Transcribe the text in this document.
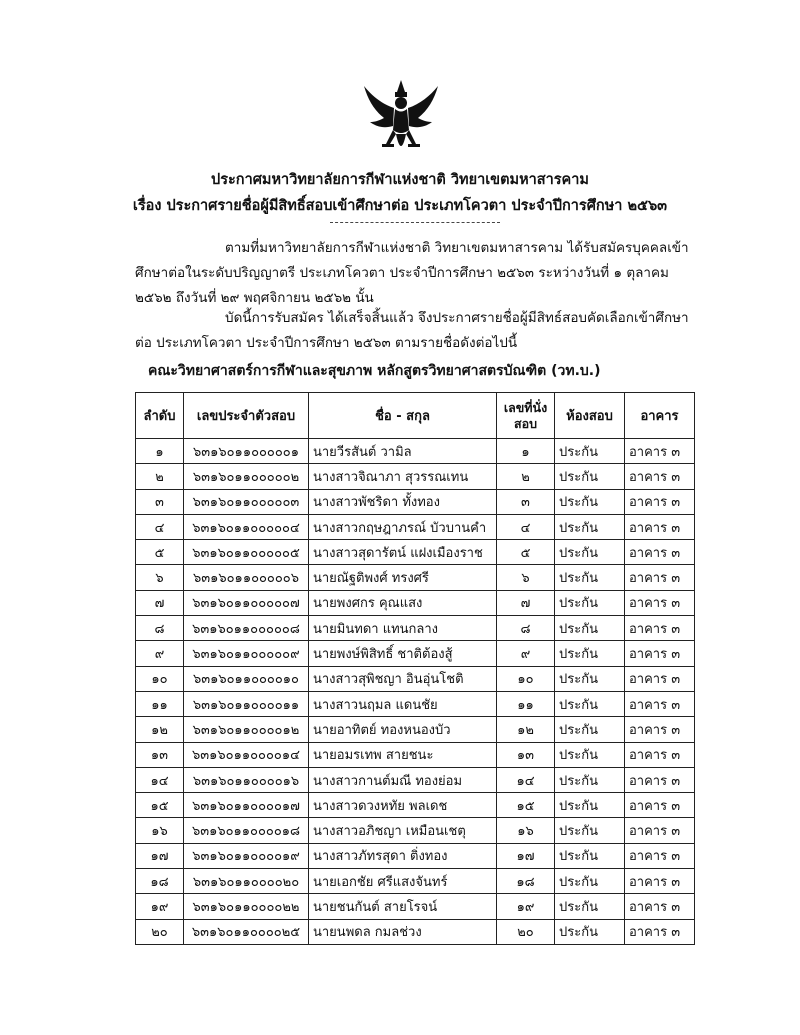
ประกาศมหาวิทยาลัยการกีฬาแห่งชาติ วิทยาเขตมหาสารคาม
เรื่อง ประกาศรายชื่อผู้มีสิทธิ์สอบเข้าศึกษาต่อ ประเภทโควตา ประจำปีการศึกษา ๒๕๖๓
ตามที่มหาวิทยาลัยการกีฬาแห่งชาติ วิทยาเขตมหาสารคาม ได้รับสมัครบุคคลเข้าศึกษาต่อในระดับปริญญาตรี ประเภทโควตา ประจำปีการศึกษา ๒๕๖๓ ระหว่างวันที่ ๑ ตุลาคม ๒๕๖๒ ถึงวันที่ ๒๙ พฤศจิกายน ๒๕๖๒ นั้น
บัดนี้การรับสมัคร ได้เสร็จสิ้นแล้ว จึงประกาศรายชื่อผู้มีสิทธ์สอบคัดเลือกเข้าศึกษาต่อ ประเภทโควตา ประจำปีการศึกษา ๒๕๖๓ ตามรายชื่อดังต่อไปนี้
คณะวิทยาศาสตร์การกีฬาและสุขภาพ หลักสูตรวิทยาศาสตรบัณฑิต (วท.บ.)
ลำดับ	เลขประจำตัวสอบ	ชื่อ - สกุล	เลขที่นั่งสอบ	ห้องสอบ	อาคาร
๑	๖๓๑๖๐๑๑๐๐๐๐๐๑	นายวีรสันต์ วามิล	๑	ประกัน	อาคาร ๓
๒	๖๓๑๖๐๑๑๐๐๐๐๐๒	นางสาวจิณาภา สุวรรณเทน	๒	ประกัน	อาคาร ๓
๓	๖๓๑๖๐๑๑๐๐๐๐๐๓	นางสาวพัชริดา ทั้งทอง	๓	ประกัน	อาคาร ๓
๔	๖๓๑๖๐๑๑๐๐๐๐๐๔	นางสาวกฤษฎาภรณ์ บัวบานคำ	๔	ประกัน	อาคาร ๓
๕	๖๓๑๖๐๑๑๐๐๐๐๐๕	นางสาวสุดารัตน์ แฝงเมืองราช	๕	ประกัน	อาคาร ๓
๖	๖๓๑๖๐๑๑๐๐๐๐๐๖	นายณัฐติพงศ์ ทรงศรี	๖	ประกัน	อาคาร ๓
๗	๖๓๑๖๐๑๑๐๐๐๐๐๗	นายพงศกร คุณแสง	๗	ประกัน	อาคาร ๓
๘	๖๓๑๖๐๑๑๐๐๐๐๐๘	นายมินทดา แทนกลาง	๘	ประกัน	อาคาร ๓
๙	๖๓๑๖๐๑๑๐๐๐๐๐๙	นายพงษ์พิสิทธิ์ ชาติต้องสู้	๙	ประกัน	อาคาร ๓
๑๐	๖๓๑๖๐๑๑๐๐๐๐๑๐	นางสาวสุพิชญา อินอุ่นโชติ	๑๐	ประกัน	อาคาร ๓
๑๑	๖๓๑๖๐๑๑๐๐๐๐๑๑	นางสาวนฤมล แดนชัย	๑๑	ประกัน	อาคาร ๓
๑๒	๖๓๑๖๐๑๑๐๐๐๐๑๒	นายอาทิตย์ ทองหนองบัว	๑๒	ประกัน	อาคาร ๓
๑๓	๖๓๑๖๐๑๑๐๐๐๐๑๔	นายอมรเทพ สายชนะ	๑๓	ประกัน	อาคาร ๓
๑๔	๖๓๑๖๐๑๑๐๐๐๐๑๖	นางสาวกานต์มณี ทองย่อม	๑๔	ประกัน	อาคาร ๓
๑๕	๖๓๑๖๐๑๑๐๐๐๐๑๗	นางสาวดวงหทัย พลเดช	๑๕	ประกัน	อาคาร ๓
๑๖	๖๓๑๖๐๑๑๐๐๐๐๑๘	นางสาวอภิชญา เหมือนเชตุ	๑๖	ประกัน	อาคาร ๓
๑๗	๖๓๑๖๐๑๑๐๐๐๐๑๙	นางสาวภัทรสุดา ติ่งทอง	๑๗	ประกัน	อาคาร ๓
๑๘	๖๓๑๖๐๑๑๐๐๐๐๒๐	นายเอกชัย ศรีแสงจันทร์	๑๘	ประกัน	อาคาร ๓
๑๙	๖๓๑๖๐๑๑๐๐๐๐๒๒	นายชนกันต์ สายโรจน์	๑๙	ประกัน	อาคาร ๓
๒๐	๖๓๑๖๐๑๑๐๐๐๐๒๕	นายนพดล กมลช่วง	๒๐	ประกัน	อาคาร ๓
